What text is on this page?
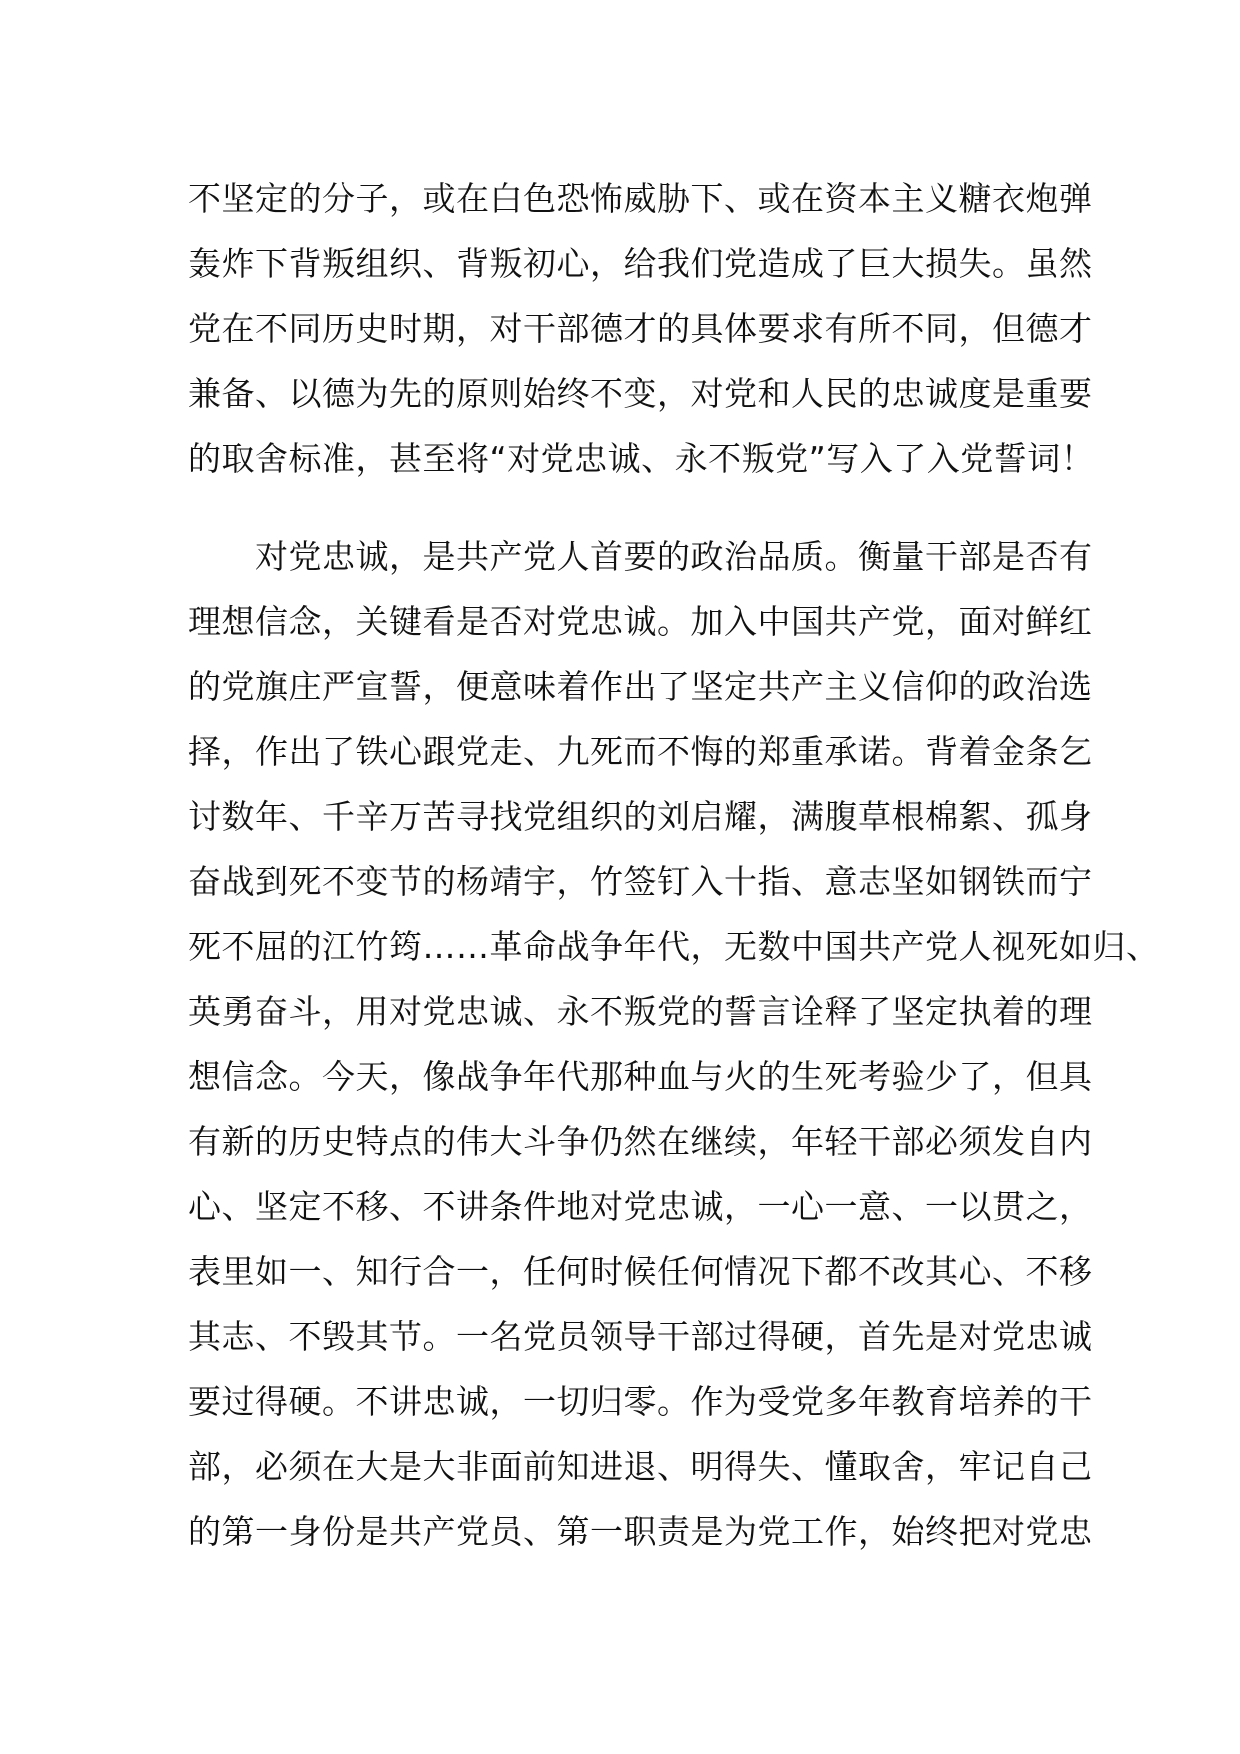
不坚定的分子，或在白色恐怖威胁下、或在资本主义糖衣炮弹
轰炸下背叛组织、背叛初心，给我们党造成了巨大损失。虽然
党在不同历史时期，对干部德才的具体要求有所不同，但德才
兼备、以德为先的原则始终不变，对党和人民的忠诚度是重要
的取舍标准，甚至将“对党忠诚、永不叛党”写入了入党誓词！
　　对党忠诚，是共产党人首要的政治品质。衡量干部是否有
理想信念，关键看是否对党忠诚。加入中国共产党，面对鲜红
的党旗庄严宣誓，便意味着作出了坚定共产主义信仰的政治选
择，作出了铁心跟党走、九死而不悔的郑重承诺。背着金条乞
讨数年、千辛万苦寻找党组织的刘启耀，满腹草根棉絮、孤身
奋战到死不变节的杨靖宇，竹签钉入十指、意志坚如钢铁而宁
死不屈的江竹筠……革命战争年代，无数中国共产党人视死如归、
英勇奋斗，用对党忠诚、永不叛党的誓言诠释了坚定执着的理
想信念。今天，像战争年代那种血与火的生死考验少了，但具
有新的历史特点的伟大斗争仍然在继续，年轻干部必须发自内
心、坚定不移、不讲条件地对党忠诚，一心一意、一以贯之，
表里如一、知行合一，任何时候任何情况下都不改其心、不移
其志、不毁其节。一名党员领导干部过得硬，首先是对党忠诚
要过得硬。不讲忠诚，一切归零。作为受党多年教育培养的干
部，必须在大是大非面前知进退、明得失、懂取舍，牢记自己
的第一身份是共产党员、第一职责是为党工作，始终把对党忠
